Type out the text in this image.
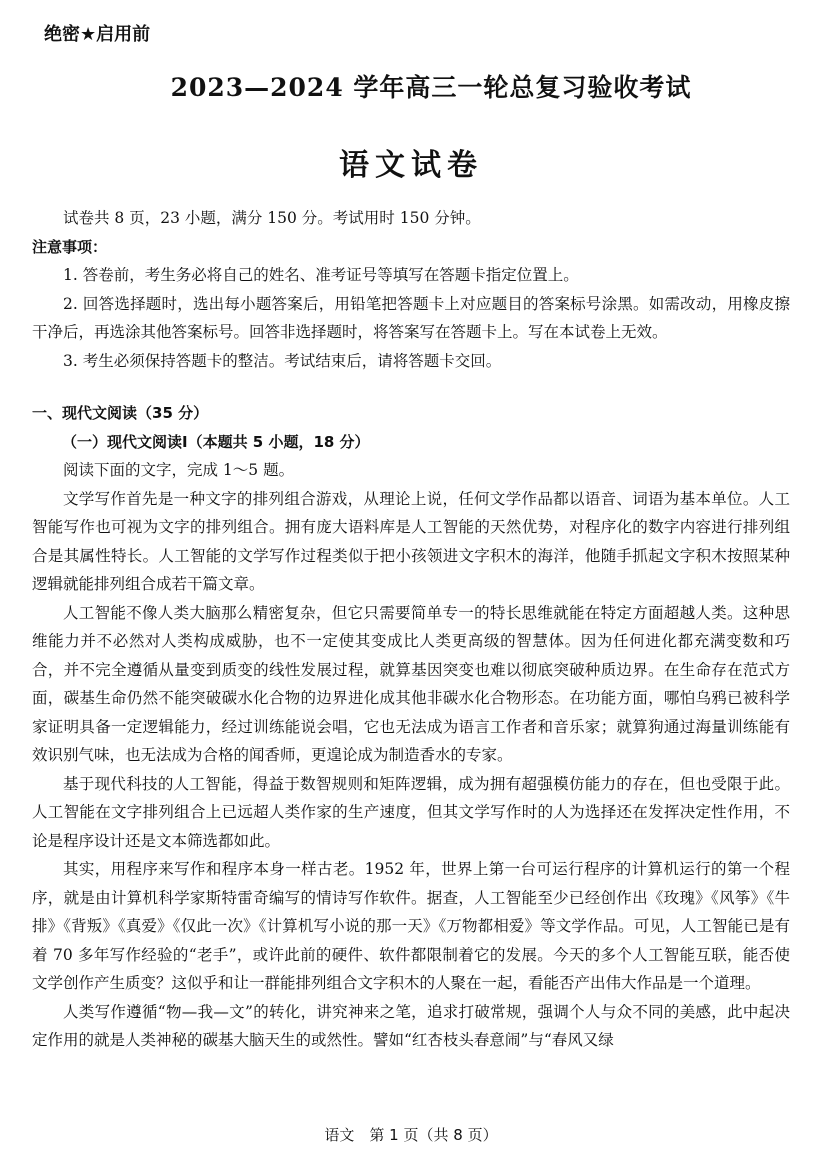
绝密★启用前
2023—2024 学年高三一轮总复习验收考试
语文试卷

试卷共 8 页，23 小题，满分 150 分。考试用时 150 分钟。

注意事项：

1. 答卷前，考生务必将自己的姓名、准考证号等填写在答题卡指定位置上。

2. 回答选择题时，选出每小题答案后，用铅笔把答题卡上对应题目的答案标号涂黑。如需改动，用橡皮擦干净后，再选涂其他答案标号。回答非选择题时，将答案写在答题卡上。写在本试卷上无效。

3. 考生必须保持答题卡的整洁。考试结束后，请将答题卡交回。

一、现代文阅读（35 分）

（一）现代文阅读Ⅰ（本题共 5 小题，18 分）

阅读下面的文字，完成 1～5 题。

文学写作首先是一种文字的排列组合游戏，从理论上说，任何文学作品都以语音、词语为基本单位。人工智能写作也可视为文字的排列组合。拥有庞大语料库是人工智能的天然优势，对程序化的数字内容进行排列组合是其属性特长。人工智能的文学写作过程类似于把小孩领进文字积木的海洋，他随手抓起文字积木按照某种逻辑就能排列组合成若干篇文章。

人工智能不像人类大脑那么精密复杂，但它只需要简单专一的特长思维就能在特定方面超越人类。这种思维能力并不必然对人类构成威胁，也不一定使其变成比人类更高级的智慧体。因为任何进化都充满变数和巧合，并不完全遵循从量变到质变的线性发展过程，就算基因突变也难以彻底突破种质边界。在生命存在范式方面，碳基生命仍然不能突破碳水化合物的边界进化成其他非碳水化合物形态。在功能方面，哪怕乌鸦已被科学家证明具备一定逻辑能力，经过训练能说会唱，它也无法成为语言工作者和音乐家；就算狗通过海量训练能有效识别气味，也无法成为合格的闻香师，更遑论成为制造香水的专家。

基于现代科技的人工智能，得益于数智规则和矩阵逻辑，成为拥有超强模仿能力的存在，但也受限于此。人工智能在文字排列组合上已远超人类作家的生产速度，但其文学写作时的人为选择还在发挥决定性作用，不论是程序设计还是文本筛选都如此。

其实，用程序来写作和程序本身一样古老。1952 年，世界上第一台可运行程序的计算机运行的第一个程序，就是由计算机科学家斯特雷奇编写的情诗写作软件。据查，人工智能至少已经创作出《玫瑰》《风筝》《牛排》《背叛》《真爱》《仅此一次》《计算机写小说的那一天》《万物都相爱》等文学作品。可见，人工智能已是有着 70 多年写作经验的“老手”，或许此前的硬件、软件都限制着它的发展。今天的多个人工智能互联，能否使文学创作产生质变？这似乎和让一群能排列组合文字积木的人聚在一起，看能否产出伟大作品是一个道理。

人类写作遵循“物—我—文”的转化，讲究神来之笔，追求打破常规，强调个人与众不同的美感，此中起决定作用的就是人类神秘的碳基大脑天生的或然性。譬如“红杏枝头春意闹”与“春风又绿

语文　第 1 页（共 8 页）
